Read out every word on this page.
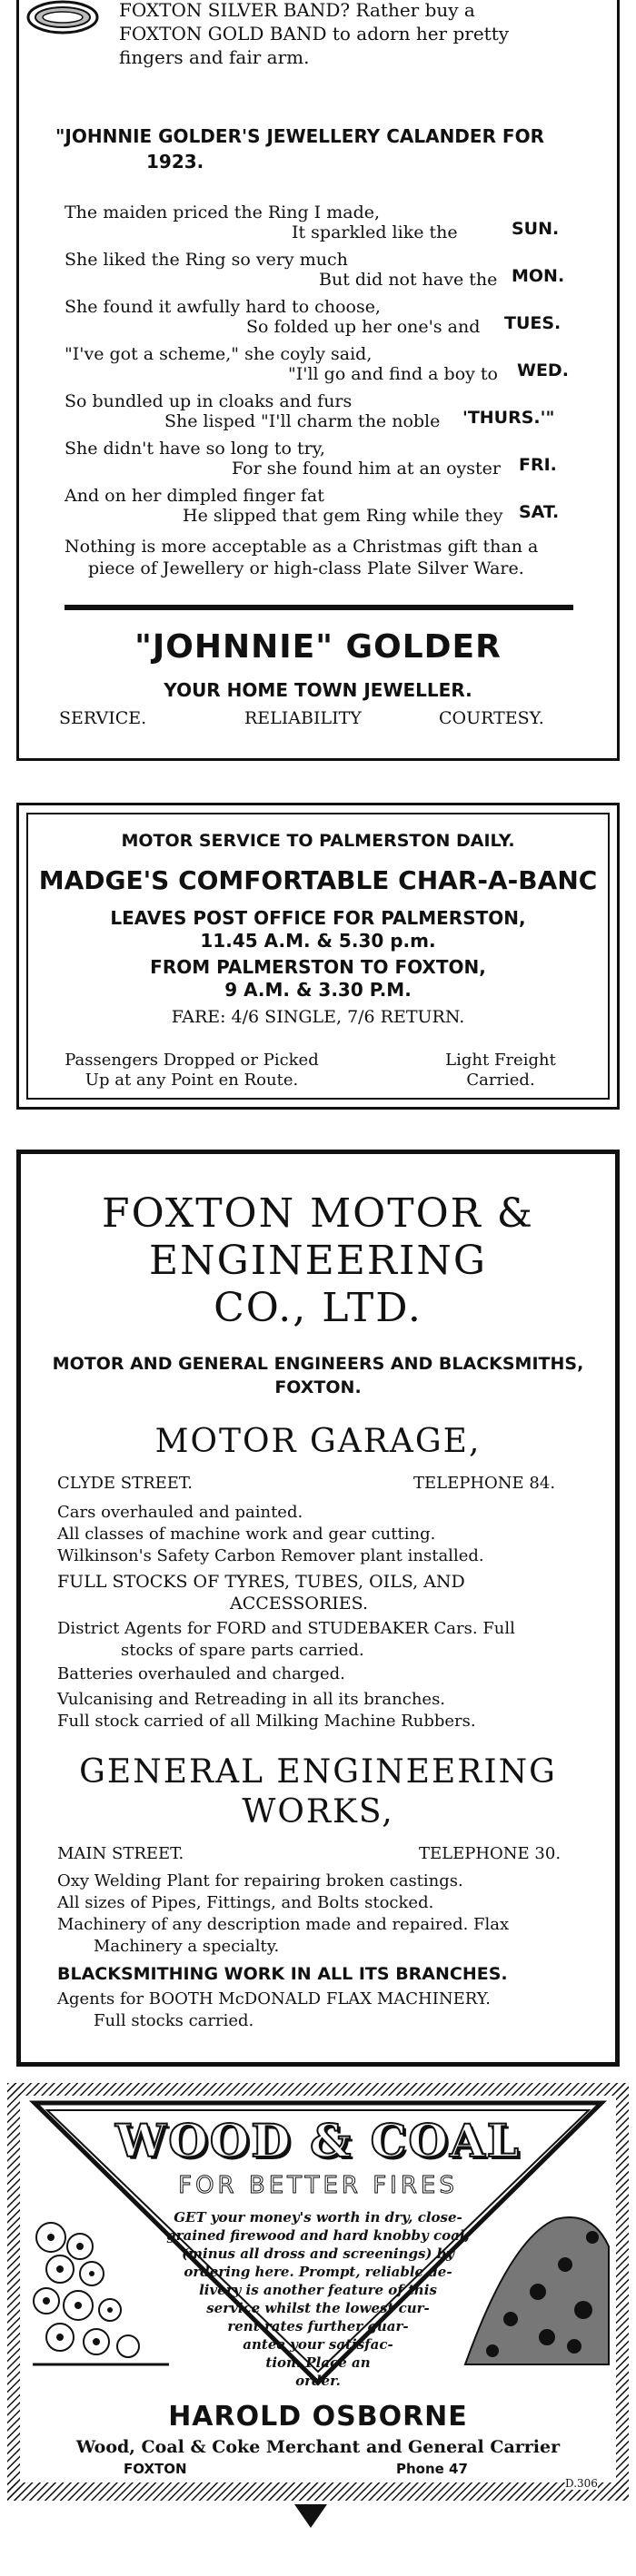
FOXTON SILVER BAND? Rather buy a
FOXTON GOLD BAND to adorn her pretty
fingers and fair arm.
"JOHNNIE GOLDER'S JEWELLERY CALANDER FOR
1923.
The maiden priced the Ring I made,
It sparkled like the	SUN.
She liked the Ring so very much
But did not have the MON.
She found it awfully hard to choose,
So folded up her one's and TUES.
"I've got a scheme," she coyly said,
"I'll go and find a boy to WED.
So bundled up in cloaks and furs
She lisped "I'll charm the noble 'THURS.'"
She didn't have so long to try,
For she found him at an oyster FRI.
And on her dimpled finger fat
He slipped that gem Ring while they SAT.
Nothing is more acceptable as a Christmas gift than a
piece of Jewellery or high-class Plate Silver Ware.
"JOHNNIE" GOLDER
YOUR HOME TOWN JEWELLER.
SERVICE.	RELIABILITY	COURTESY.
MOTOR SERVICE TO PALMERSTON DAILY.
MADGE'S COMFORTABLE CHAR-A-BANC
LEAVES POST OFFICE FOR PALMERSTON,
11.45 A.M. & 5.30 p.m.
FROM PALMERSTON TO FOXTON,
9 A.M. & 3.30 P.M.
FARE: 4/6 SINGLE, 7/6 RETURN.
Passengers Dropped or Picked
Up at any Point en Route.
Light Freight
Carried.
FOXTON MOTOR &
ENGINEERING
CO., LTD.
MOTOR AND GENERAL ENGINEERS AND BLACKSMITHS,
FOXTON.
MOTOR GARAGE,
CLYDE STREET.	TELEPHONE 84.
Cars overhauled and painted.
All classes of machine work and gear cutting.
Wilkinson's Safety Carbon Remover plant installed.
FULL STOCKS OF TYRES, TUBES, OILS, AND
ACCESSORIES.
District Agents for FORD and STUDEBAKER Cars. Full
stocks of spare parts carried.
Batteries overhauled and charged.
Vulcanising and Retreading in all its branches.
Full stock carried of all Milking Machine Rubbers.
GENERAL ENGINEERING
WORKS,
MAIN STREET.	TELEPHONE 30.
Oxy Welding Plant for repairing broken castings.
All sizes of Pipes, Fittings, and Bolts stocked.
Machinery of any description made and repaired. Flax
Machinery a specialty.
BLACKSMITHING WORK IN ALL ITS BRANCHES.
Agents for BOOTH McDONALD FLAX MACHINERY.
Full stocks carried.
WOOD & COAL
FOR BETTER FIRES
GET your money's worth in dry, close-
grained firewood and hard knobby coal,
(minus all dross and screenings) by
ordering here. Prompt, reliable de-
livery is another feature of this
service whilst the lowest cur-
rent rates further guar-
antee your satisfac-
tion. Place an
order.
HAROLD OSBORNE
Wood, Coal & Coke Merchant and General Carrier
FOXTON	Phone 47
D.306
